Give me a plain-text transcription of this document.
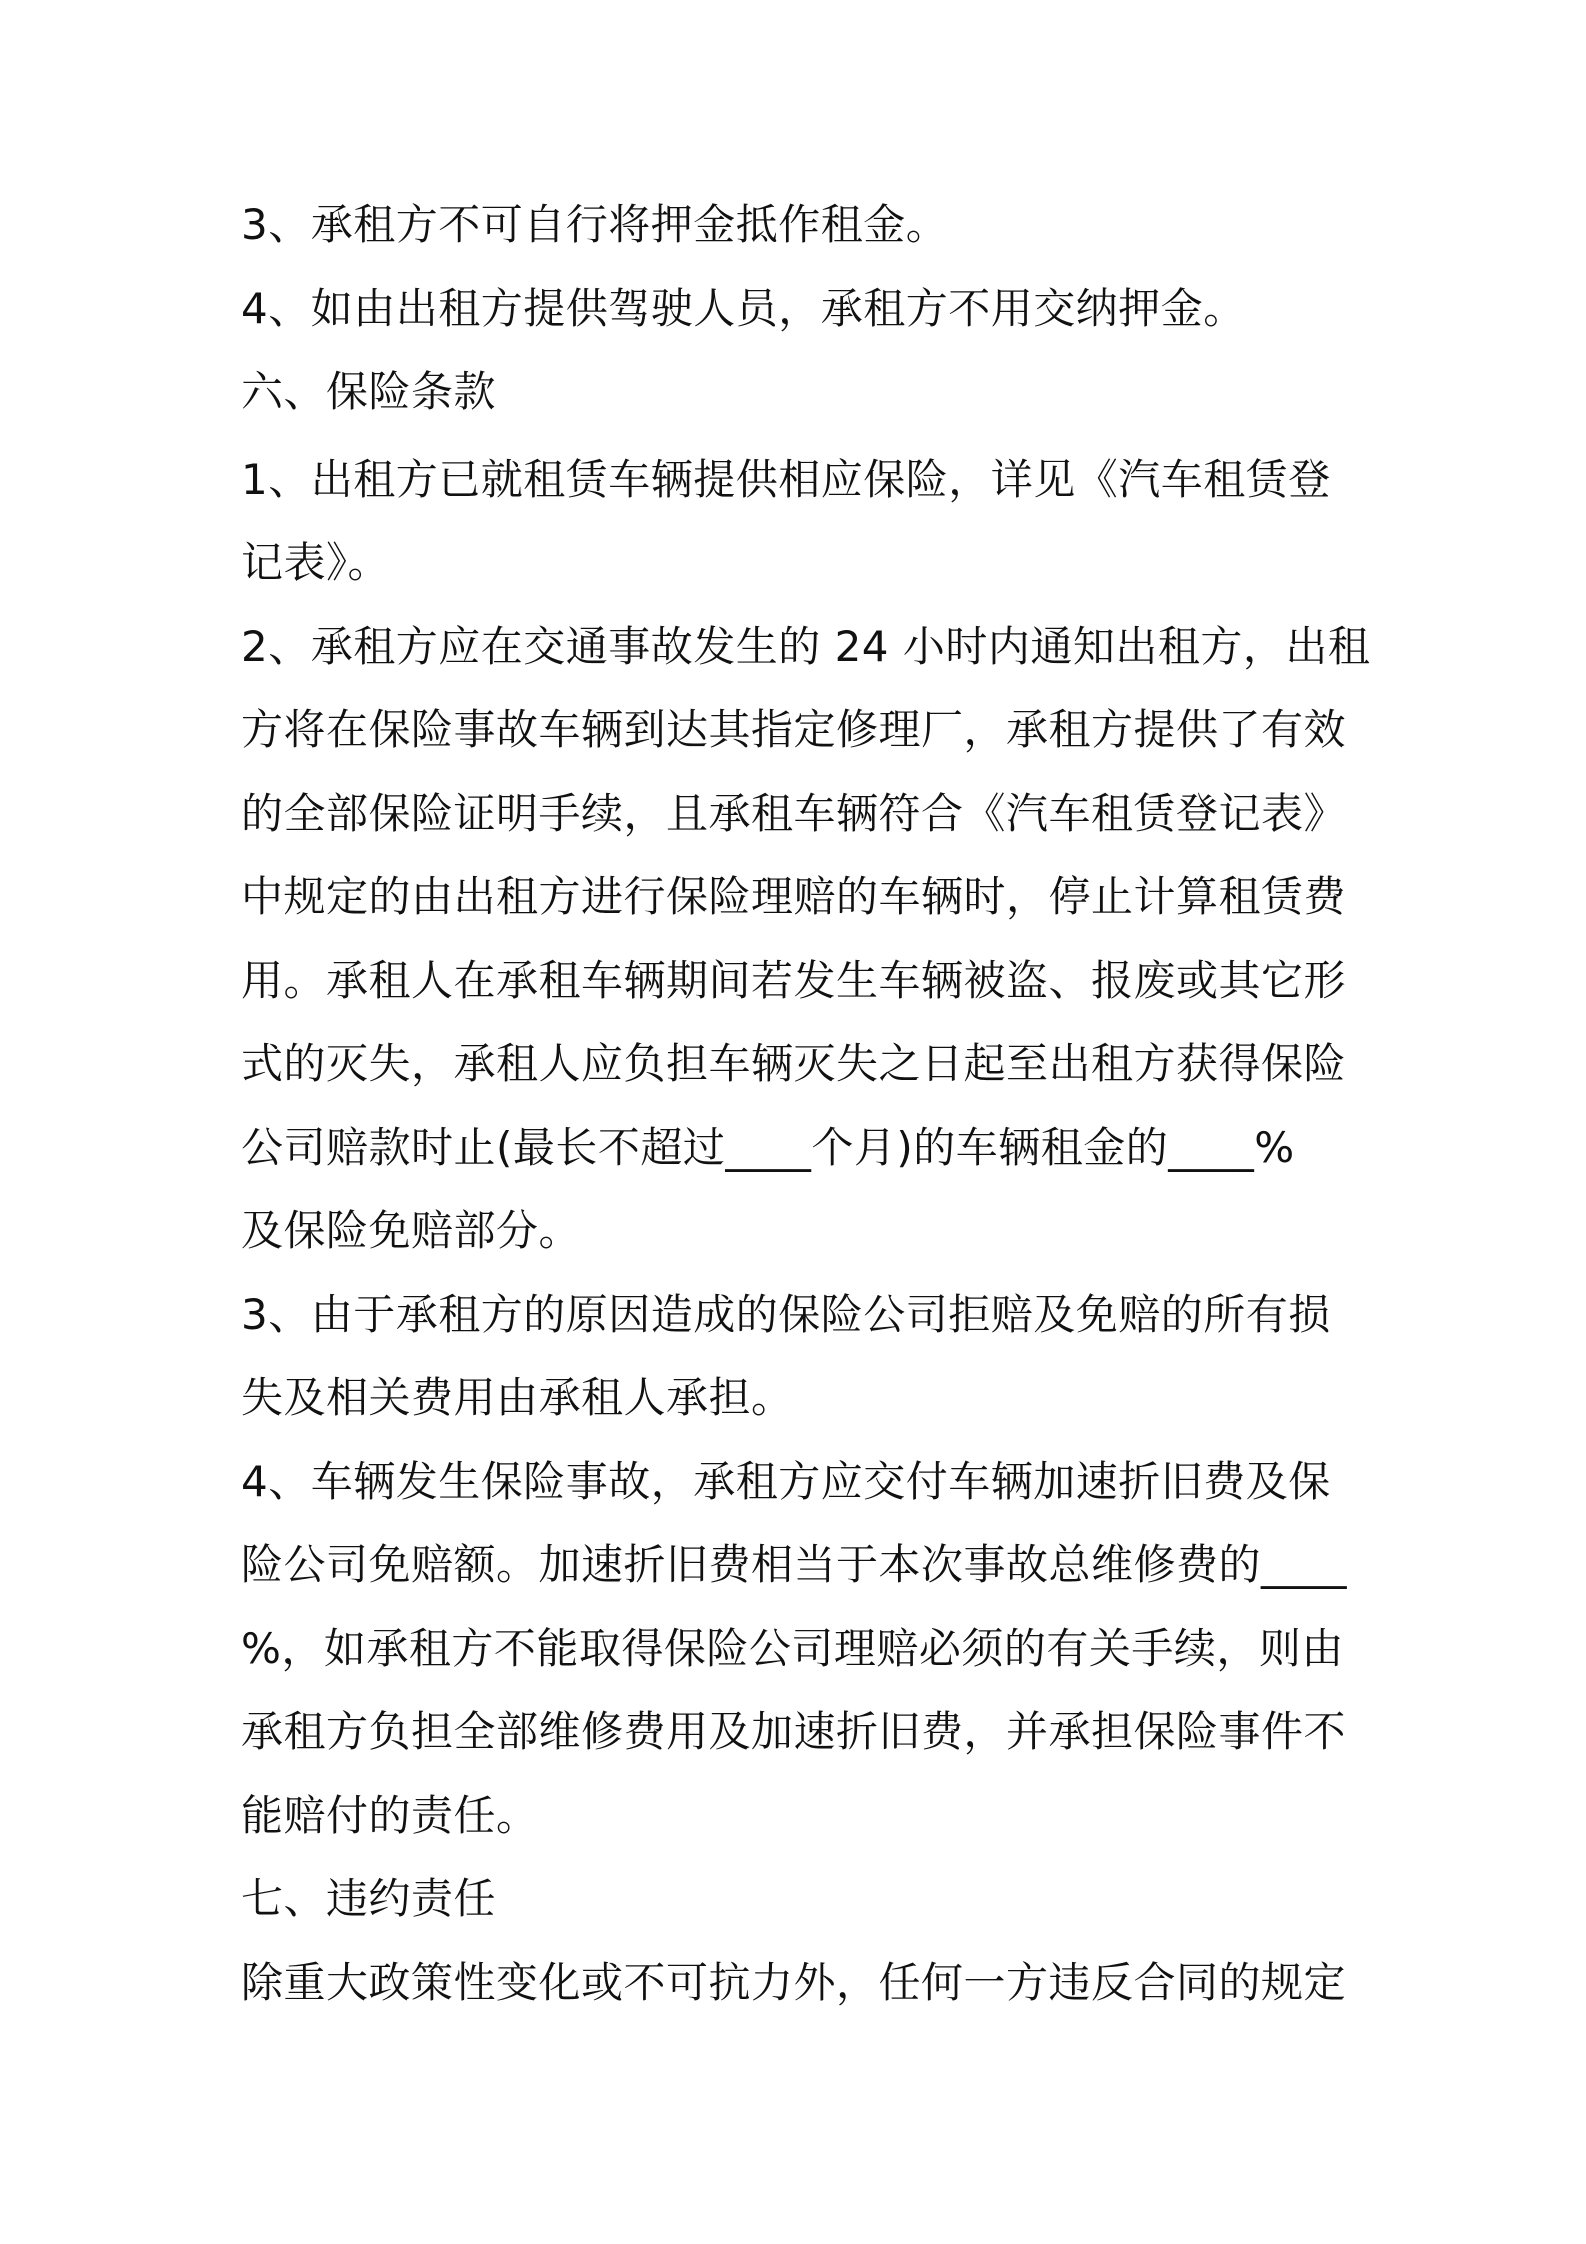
3、承租方不可自行将押金抵作租金。
4、如由出租方提供驾驶人员，承租方不用交纳押金。
六、保险条款
1、出租方已就租赁车辆提供相应保险，详见《汽车租赁登
记表》。
2、承租方应在交通事故发生的 24 小时内通知出租方，出租
方将在保险事故车辆到达其指定修理厂，承租方提供了有效
的全部保险证明手续，且承租车辆符合《汽车租赁登记表》
中规定的由出租方进行保险理赔的车辆时，停止计算租赁费
用。承租人在承租车辆期间若发生车辆被盗、报废或其它形
式的灭失，承租人应负担车辆灭失之日起至出租方获得保险
公司赔款时止(最长不超过____个月)的车辆租金的____%
及保险免赔部分。
3、由于承租方的原因造成的保险公司拒赔及免赔的所有损
失及相关费用由承租人承担。
4、车辆发生保险事故，承租方应交付车辆加速折旧费及保
险公司免赔额。加速折旧费相当于本次事故总维修费的____
%，如承租方不能取得保险公司理赔必须的有关手续，则由
承租方负担全部维修费用及加速折旧费，并承担保险事件不
能赔付的责任。
七、违约责任
除重大政策性变化或不可抗力外，任何一方违反合同的规定
